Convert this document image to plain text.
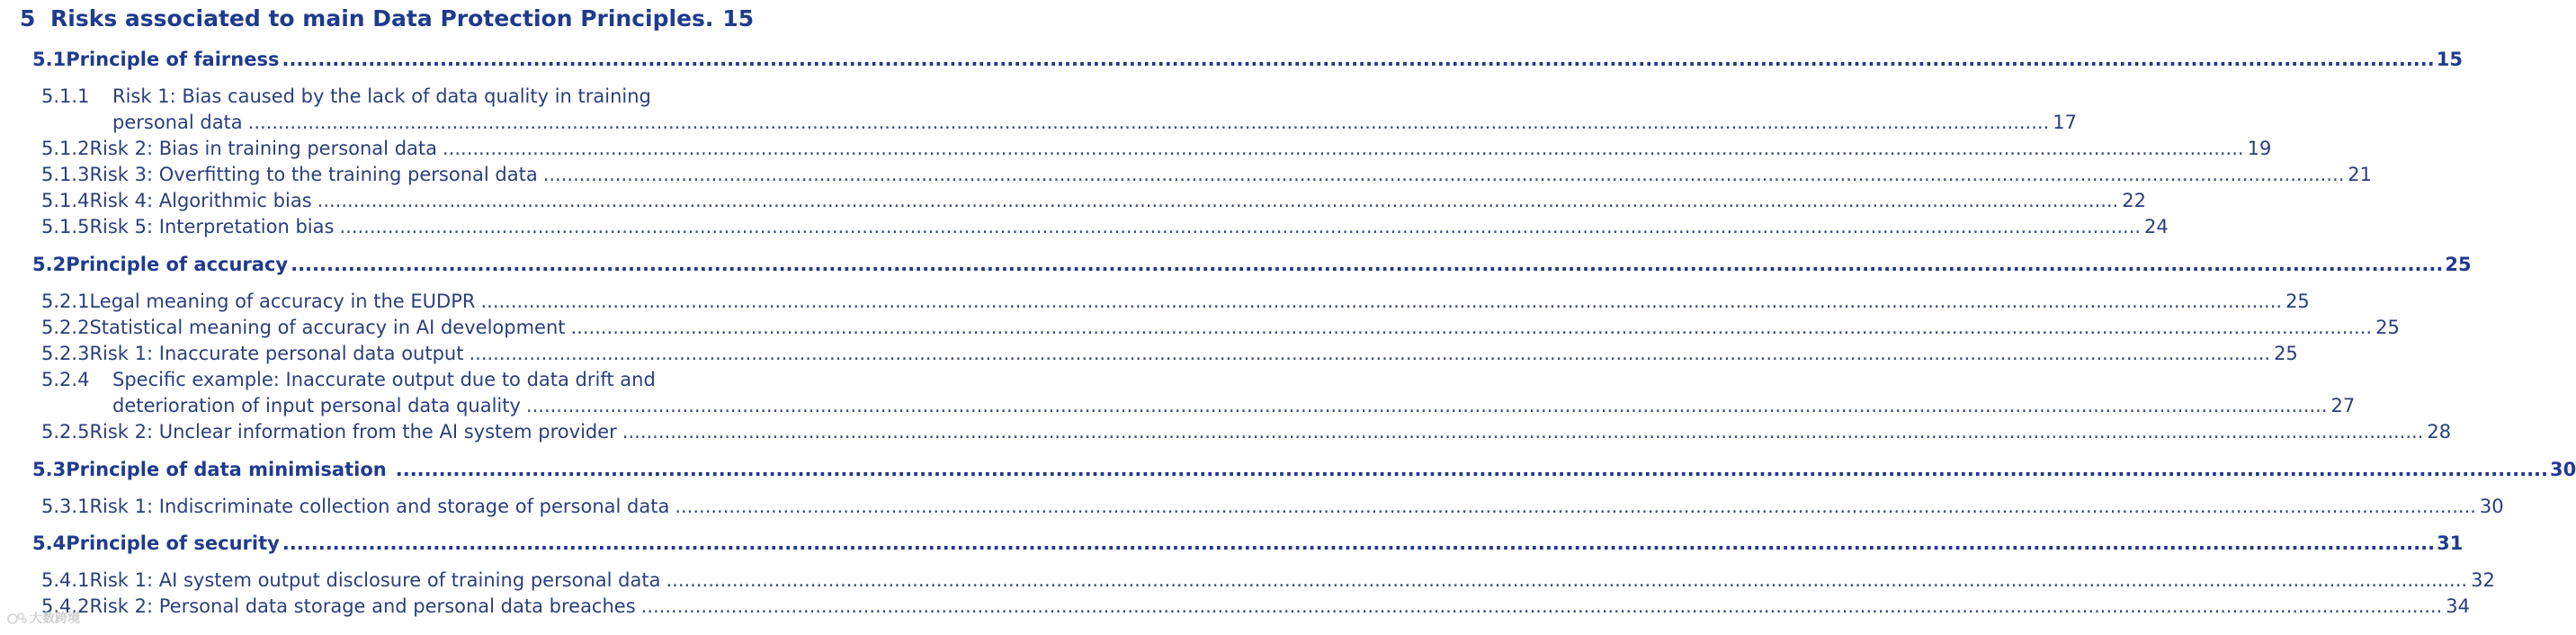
5 Risks associated to main Data Protection Principles. 15
5.1 Principle of fairness ............................................................................................................................................................................................................................................................................................................ 15
5.1.1	Risk 1: Bias caused by the lack of data quality in training
personal data ............................................................................................................................................................................................................................................................................................................ 17
5.1.2 Risk 2: Bias in training personal data ............................................................................................................................................................................................................................................................................................................ 19
5.1.3 Risk 3: Overfitting to the training personal data ............................................................................................................................................................................................................................................................................................................ 21
5.1.4 Risk 4: Algorithmic bias ............................................................................................................................................................................................................................................................................................................ 22
5.1.5 Risk 5: Interpretation bias ............................................................................................................................................................................................................................................................................................................ 24
5.2 Principle of accuracy ............................................................................................................................................................................................................................................................................................................ 25
5.2.1 Legal meaning of accuracy in the EUDPR ............................................................................................................................................................................................................................................................................................................ 25
5.2.2 Statistical meaning of accuracy in AI development ............................................................................................................................................................................................................................................................................................................ 25
5.2.3 Risk 1: Inaccurate personal data output ............................................................................................................................................................................................................................................................................................................ 25
5.2.4	Specific example: Inaccurate output due to data drift and
deterioration of input personal data quality ............................................................................................................................................................................................................................................................................................................ 27
5.2.5 Risk 2: Unclear information from the AI system provider ............................................................................................................................................................................................................................................................................................................ 28
5.3 Principle of data minimisation ............................................................................................................................................................................................................................................................................................................ 30
5.3.1 Risk 1: Indiscriminate collection and storage of personal data ............................................................................................................................................................................................................................................................................................................ 30
5.4 Principle of security ............................................................................................................................................................................................................................................................................................................ 31
5.4.1 Risk 1: AI system output disclosure of training personal data ............................................................................................................................................................................................................................................................................................................ 32
5.4.2 Risk 2: Personal data storage and personal data breaches ............................................................................................................................................................................................................................................................................................................ 34
大数跨境
